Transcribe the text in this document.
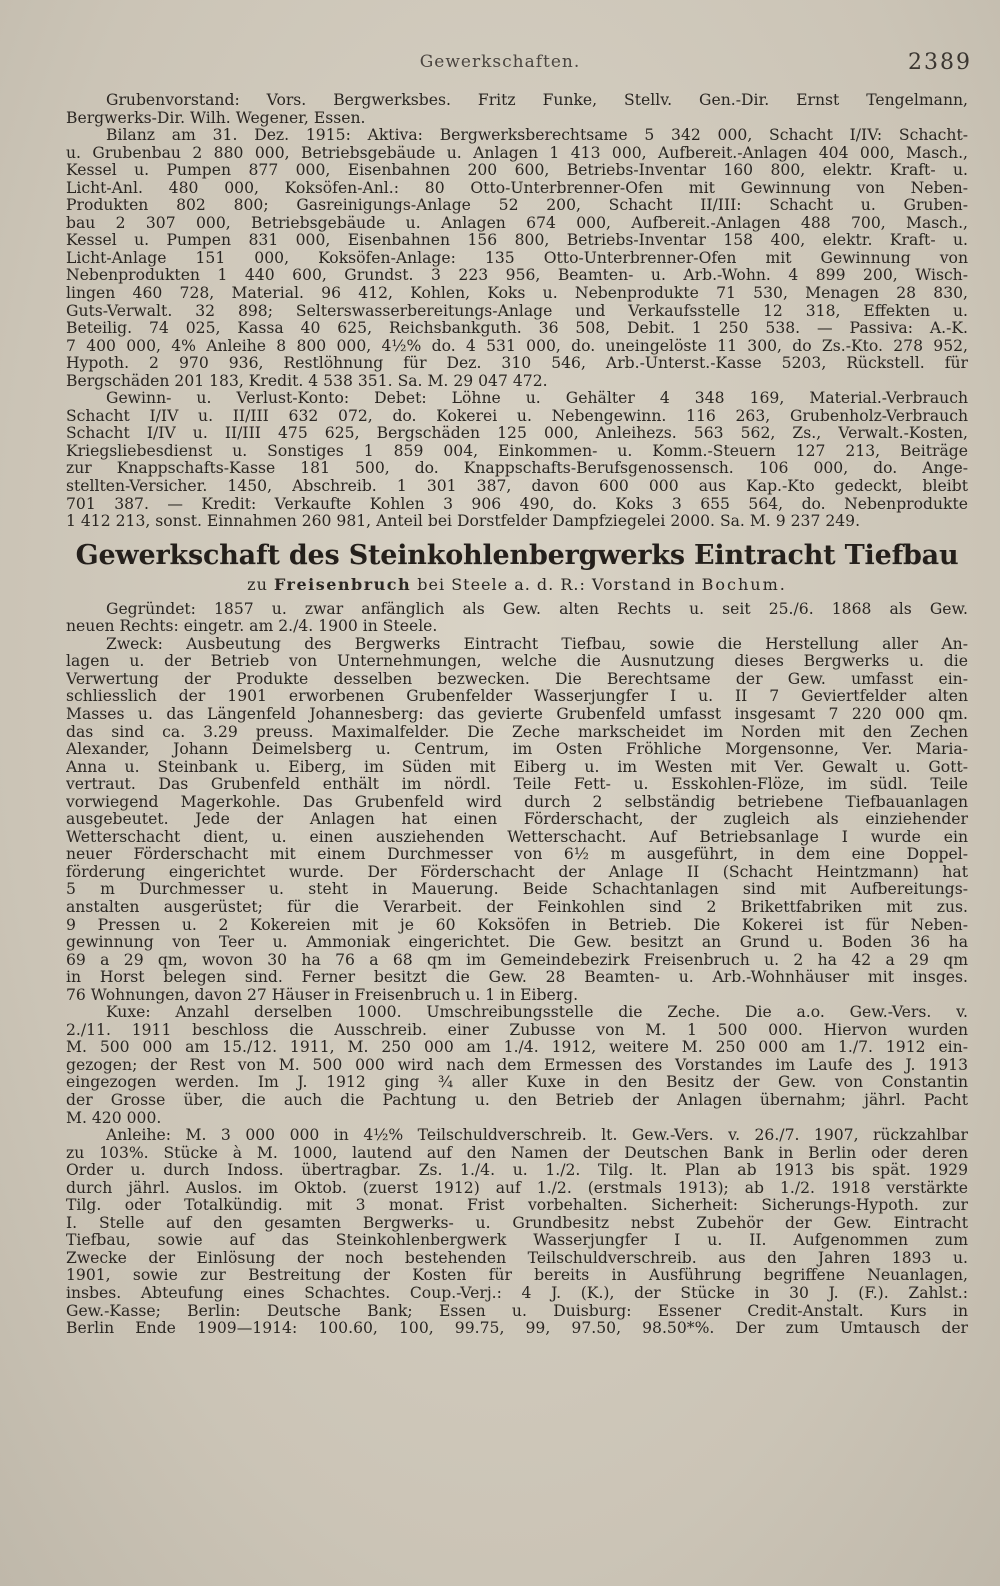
Gewerkschaften.	2389
Grubenvorstand: Vors. Bergwerksbes. Fritz Funke, Stellv. Gen.-Dir. Ernst Tengelmann,
Bergwerks-Dir. Wilh. Wegener, Essen.
Bilanz am 31. Dez. 1915: Aktiva: Bergwerksberechtsame 5 342 000, Schacht I/IV: Schacht-
u. Grubenbau 2 880 000, Betriebsgebäude u. Anlagen 1 413 000, Aufbereit.-Anlagen 404 000, Masch.,
Kessel u. Pumpen 877 000, Eisenbahnen 200 600, Betriebs-Inventar 160 800, elektr. Kraft- u.
Licht-Anl. 480 000, Koksöfen-Anl.: 80 Otto-Unterbrenner-Öfen mit Gewinnung von Neben-
Produkten 802 800; Gasreinigungs-Anlage 52 200, Schacht II/III: Schacht u. Gruben-
bau 2 307 000, Betriebsgebäude u. Anlagen 674 000, Aufbereit.-Anlagen 488 700, Masch.,
Kessel u. Pumpen 831 000, Eisenbahnen 156 800, Betriebs-Inventar 158 400, elektr. Kraft- u.
Licht-Anlage 151 000, Koksöfen-Anlage: 135 Otto-Unterbrenner-Öfen mit Gewinnung von
Nebenprodukten 1 440 600, Grundst. 3 223 956, Beamten- u. Arb.-Wohn. 4 899 200, Wisch-
lingen 460 728, Material. 96 412, Kohlen, Koks u. Nebenprodukte 71 530, Menagen 28 830,
Guts-Verwalt. 32 898; Selterswasserbereitungs-Anlage und Verkaufsstelle 12 318, Effekten u.
Beteilig. 74 025, Kassa 40 625, Reichsbankguth. 36 508, Debit. 1 250 538. — Passiva: A.-K.
7 400 000, 4% Anleihe 8 800 000, 4½% do. 4 531 000, do. uneingelöste 11 300, do Zs.-Kto. 278 952,
Hypoth. 2 970 936, Restlöhnung für Dez. 310 546, Arb.-Unterst.-Kasse 5203, Rückstell. für
Bergschäden 201 183, Kredit. 4 538 351. Sa. M. 29 047 472.
Gewinn- u. Verlust-Konto: Debet: Löhne u. Gehälter 4 348 169, Material.-Verbrauch
Schacht I/IV u. II/III 632 072, do. Kokerei u. Nebengewinn. 116 263, Grubenholz-Verbrauch
Schacht I/IV u. II/III 475 625, Bergschäden 125 000, Anleihezs. 563 562, Zs., Verwalt.-Kosten,
Kriegsliebesdienst u. Sonstiges 1 859 004, Einkommen- u. Komm.-Steuern 127 213, Beiträge
zur Knappschafts-Kasse 181 500, do. Knappschafts-Berufsgenossensch. 106 000, do. Ange-
stellten-Versicher. 1450, Abschreib. 1 301 387, davon 600 000 aus Kap.-Kto gedeckt, bleibt
701 387. — Kredit: Verkaufte Kohlen 3 906 490, do. Koks 3 655 564, do. Nebenprodukte
1 412 213, sonst. Einnahmen 260 981, Anteil bei Dorstfelder Dampfziegelei 2000. Sa. M. 9 237 249.
Gewerkschaft des Steinkohlenbergwerks Eintracht Tiefbau
zu Freisenbruch bei Steele a. d. R.: Vorstand in Bochum.
Gegründet: 1857 u. zwar anfänglich als Gew. alten Rechts u. seit 25./6. 1868 als Gew.
neuen Rechts: eingetr. am 2./4. 1900 in Steele.
Zweck: Ausbeutung des Bergwerks Eintracht Tiefbau, sowie die Herstellung aller An-
lagen u. der Betrieb von Unternehmungen, welche die Ausnutzung dieses Bergwerks u. die
Verwertung der Produkte desselben bezwecken. Die Berechtsame der Gew. umfasst ein-
schliesslich der 1901 erworbenen Grubenfelder Wasserjungfer I u. II 7 Geviertfelder alten
Masses u. das Längenfeld Johannesberg: das gevierte Grubenfeld umfasst insgesamt 7 220 000 qm.
das sind ca. 3.29 preuss. Maximalfelder. Die Zeche markscheidet im Norden mit den Zechen
Alexander, Johann Deimelsberg u. Centrum, im Osten Fröhliche Morgensonne, Ver. Maria-
Anna u. Steinbank u. Eiberg, im Süden mit Eiberg u. im Westen mit Ver. Gewalt u. Gott-
vertraut. Das Grubenfeld enthält im nördl. Teile Fett- u. Esskohlen-Flöze, im südl. Teile
vorwiegend Magerkohle. Das Grubenfeld wird durch 2 selbständig betriebene Tiefbauanlagen
ausgebeutet. Jede der Anlagen hat einen Förderschacht, der zugleich als einziehender
Wetterschacht dient, u. einen ausziehenden Wetterschacht. Auf Betriebsanlage I wurde ein
neuer Förderschacht mit einem Durchmesser von 6½ m ausgeführt, in dem eine Doppel-
förderung eingerichtet wurde. Der Förderschacht der Anlage II (Schacht Heintzmann) hat
5 m Durchmesser u. steht in Mauerung. Beide Schachtanlagen sind mit Aufbereitungs-
anstalten ausgerüstet; für die Verarbeit. der Feinkohlen sind 2 Brikettfabriken mit zus.
9 Pressen u. 2 Kokereien mit je 60 Koksöfen in Betrieb. Die Kokerei ist für Neben-
gewinnung von Teer u. Ammoniak eingerichtet. Die Gew. besitzt an Grund u. Boden 36 ha
69 a 29 qm, wovon 30 ha 76 a 68 qm im Gemeindebezirk Freisenbruch u. 2 ha 42 a 29 qm
in Horst belegen sind. Ferner besitzt die Gew. 28 Beamten- u. Arb.-Wohnhäuser mit insges.
76 Wohnungen, davon 27 Häuser in Freisenbruch u. 1 in Eiberg.
Kuxe: Anzahl derselben 1000. Umschreibungsstelle die Zeche. Die a.o. Gew.-Vers. v.
2./11. 1911 beschloss die Ausschreib. einer Zubusse von M. 1 500 000. Hiervon wurden
M. 500 000 am 15./12. 1911, M. 250 000 am 1./4. 1912, weitere M. 250 000 am 1./7. 1912 ein-
gezogen; der Rest von M. 500 000 wird nach dem Ermessen des Vorstandes im Laufe des J. 1913
eingezogen werden. Im J. 1912 ging ¾ aller Kuxe in den Besitz der Gew. von Constantin
der Grosse über, die auch die Pachtung u. den Betrieb der Anlagen übernahm; jährl. Pacht
M. 420 000.
Anleihe: M. 3 000 000 in 4½% Teilschuldverschreib. lt. Gew.-Vers. v. 26./7. 1907, rückzahlbar
zu 103%. Stücke à M. 1000, lautend auf den Namen der Deutschen Bank in Berlin oder deren
Order u. durch Indoss. übertragbar. Zs. 1./4. u. 1./2. Tilg. lt. Plan ab 1913 bis spät. 1929
durch jährl. Auslos. im Oktob. (zuerst 1912) auf 1./2. (erstmals 1913); ab 1./2. 1918 verstärkte
Tilg. oder Totalkündig. mit 3 monat. Frist vorbehalten. Sicherheit: Sicherungs-Hypoth. zur
I. Stelle auf den gesamten Bergwerks- u. Grundbesitz nebst Zubehör der Gew. Eintracht
Tiefbau, sowie auf das Steinkohlenbergwerk Wasserjungfer I u. II. Aufgenommen zum
Zwecke der Einlösung der noch bestehenden Teilschuldverschreib. aus den Jahren 1893 u.
1901, sowie zur Bestreitung der Kosten für bereits in Ausführung begriffene Neuanlagen,
insbes. Abteufung eines Schachtes. Coup.-Verj.: 4 J. (K.), der Stücke in 30 J. (F.). Zahlst.:
Gew.-Kasse; Berlin: Deutsche Bank; Essen u. Duisburg: Essener Credit-Anstalt. Kurs in
Berlin Ende 1909—1914: 100.60, 100, 99.75, 99, 97.50, 98.50*%. Der zum Umtausch der
